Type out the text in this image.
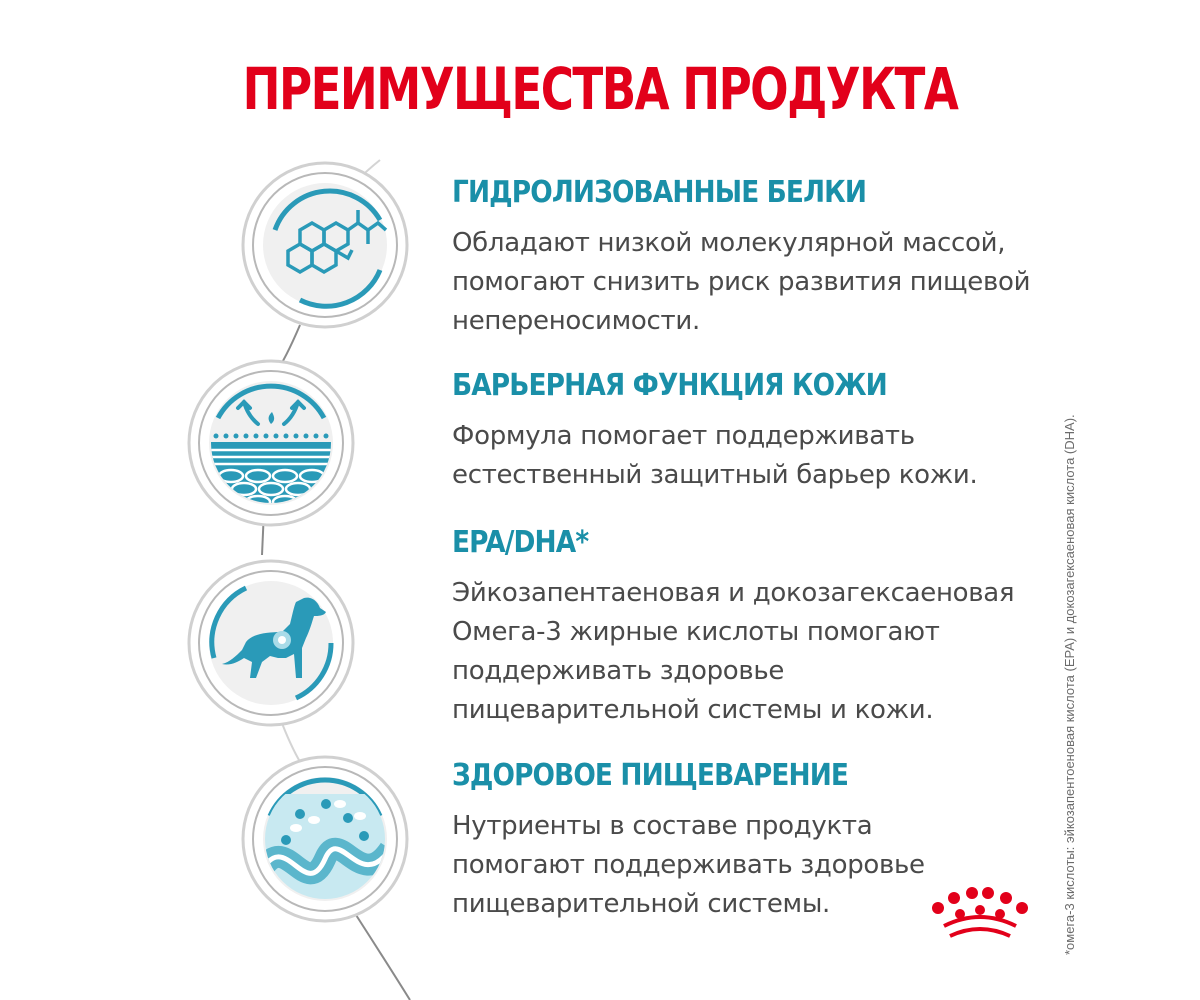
ПРЕИМУЩЕСТВА ПРОДУКТА
ГИДРОЛИЗОВАННЫЕ БЕЛКИ

Обладают низкой молекулярной массой,

помогают снизить риск развития пищевой

непереносимости.

БАРЬЕРНАЯ ФУНКЦИЯ КОЖИ

Формула помогает поддерживать

естественный защитный барьер кожи.

EPA/DHA*

Эйкозапентаеновая и докозагексаеновая

Омега-3 жирные кислоты помогают

поддерживать здоровье

пищеварительной системы и кожи.

ЗДОРОВОЕ ПИЩЕВАРЕНИЕ

Нутриенты в составе продукта

помогают поддерживать здоровье

пищеварительной системы.	*омега-3 кислоты: эйкозапентоеновая кислота (EPA) и докозагексаеновая кислота (DHA).
